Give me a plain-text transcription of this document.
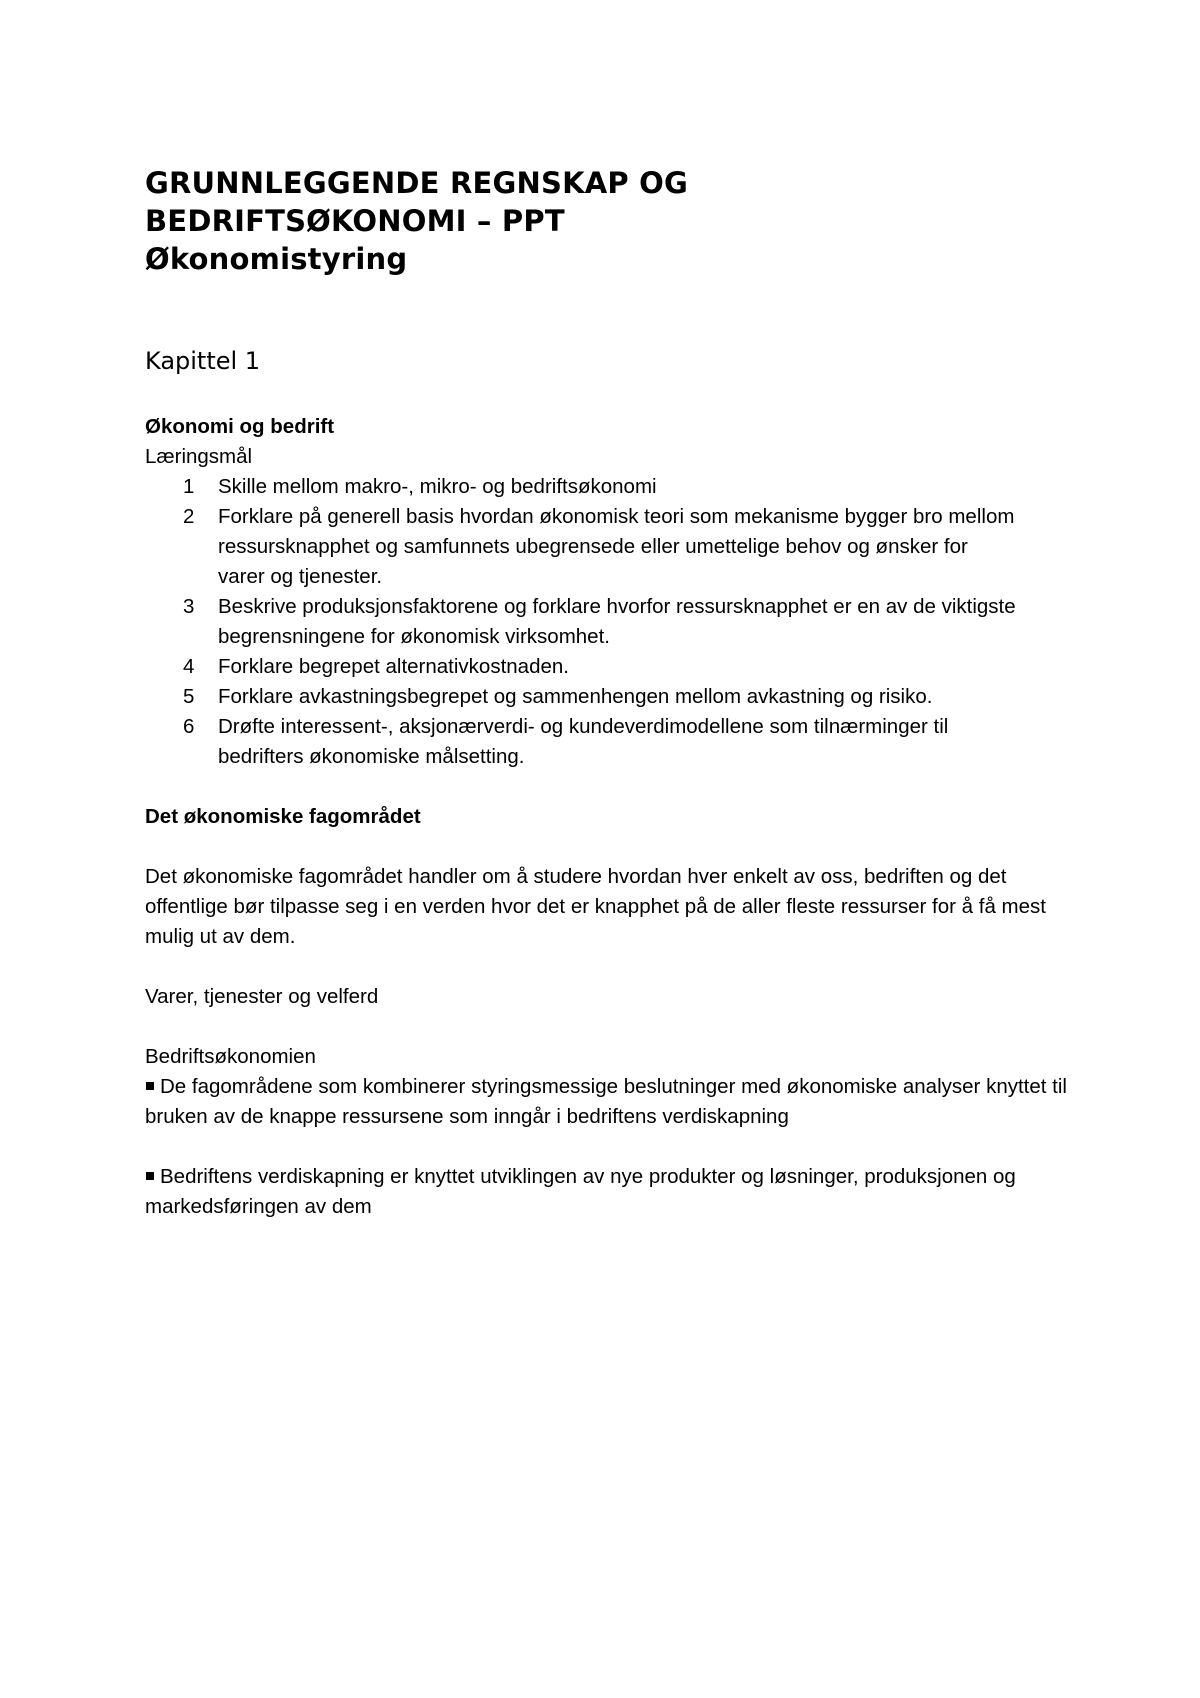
GRUNNLEGGENDE REGNSKAP OG
BEDRIFTSØKONOMI – PPT
Økonomistyring
Kapittel 1
Økonomi og bedrift
Læringsmål
1 Skille mellom makro-, mikro- og bedriftsøkonomi
2 Forklare på generell basis hvordan økonomisk teori som mekanisme bygger bro mellom ressursknapphet og samfunnets ubegrensede eller umettelige behov og ønsker for varer og tjenester.
3 Beskrive produksjonsfaktorene og forklare hvorfor ressursknapphet er en av de viktigste begrensningene for økonomisk virksomhet.
4 Forklare begrepet alternativkostnaden.
5 Forklare avkastningsbegrepet og sammenhengen mellom avkastning og risiko.
6 Drøfte interessent-, aksjonærverdi- og kundeverdimodellene som tilnærminger til bedrifters økonomiske målsetting.
Det økonomiske fagområdet
Det økonomiske fagområdet handler om å studere hvordan hver enkelt av oss, bedriften og det offentlige bør tilpasse seg i en verden hvor det er knapphet på de aller fleste ressurser for å få mest mulig ut av dem.
Varer, tjenester og velferd
Bedriftsøkonomien
De fagområdene som kombinerer styringsmessige beslutninger med økonomiske analyser knyttet til bruken av de knappe ressursene som inngår i bedriftens verdiskapning
Bedriftens verdiskapning er knyttet utviklingen av nye produkter og løsninger, produksjonen og markedsføringen av dem
